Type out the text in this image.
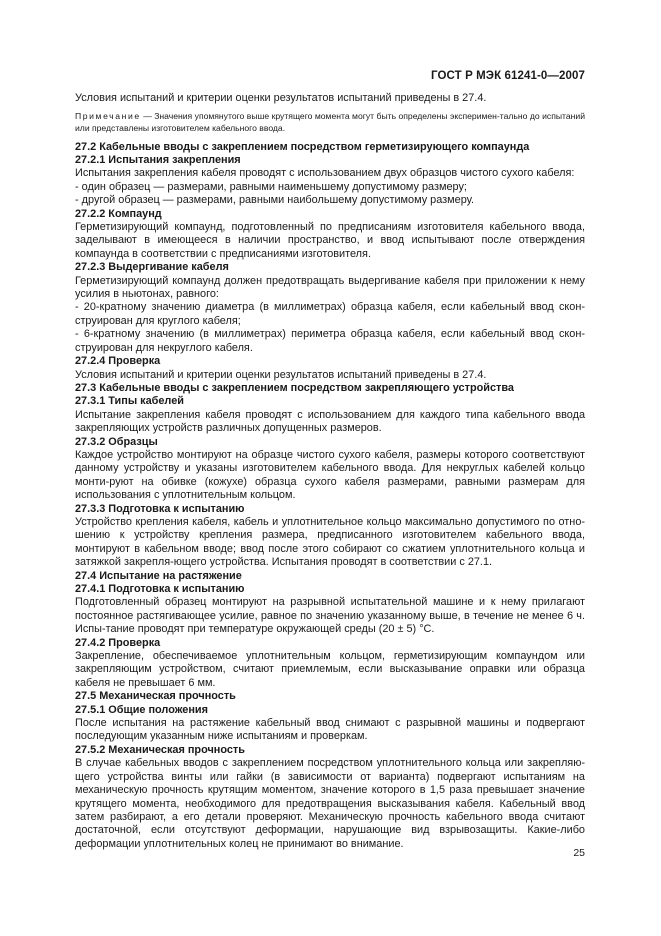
ГОСТ Р МЭК 61241-0—2007

Условия испытаний и критерии оценки результатов испытаний приведены в 27.4.

Примечание — Значения упомянутого выше крутящего момента могут быть определены эксперимен-тально до испытаний или представлены изготовителем кабельного ввода.

27.2 Кабельные вводы с закреплением посредством герметизирующего компаунда
27.2.1 Испытания закрепления

Испытания закрепления кабеля проводят с использованием двух образцов чистого сухого кабеля:

- один образец — размерами, равными наименьшему допустимому размеру;

- другой образец — размерами, равными наибольшему допустимому размеру.

27.2.2 Компаунд

Герметизирующий компаунд, подготовленный по предписаниям изготовителя кабельного ввода, заделывают в имеющееся в наличии пространство, и ввод испытывают после отверждения компаунда в соответствии с предписаниями изготовителя.

27.2.3 Выдергивание кабеля

Герметизирующий компаунд должен предотвращать выдергивание кабеля при приложении к нему усилия в ньютонах, равного:

- 20-кратному значению диаметра (в миллиметрах) образца кабеля, если кабельный ввод скон-струирован для круглого кабеля;

- 6-кратному значению (в миллиметрах) периметра образца кабеля, если кабельный ввод скон-струирован для некруглого кабеля.

27.2.4 Проверка

Условия испытаний и критерии оценки результатов испытаний приведены в 27.4.

27.3 Кабельные вводы с закреплением посредством закрепляющего устройства
27.3.1 Типы кабелей

Испытание закрепления кабеля проводят с использованием для каждого типа кабельного ввода закрепляющих устройств различных допущенных размеров.

27.3.2 Образцы

Каждое устройство монтируют на образце чистого сухого кабеля, размеры которого соответствуют данному устройству и указаны изготовителем кабельного ввода. Для некруглых кабелей кольцо монти-руют на обивке (кожухе) образца сухого кабеля размерами, равными размерам для использования с уплотнительным кольцом.

27.3.3 Подготовка к испытанию

Устройство крепления кабеля, кабель и уплотнительное кольцо максимально допустимого по отно-шению к устройству крепления размера, предписанного изготовителем кабельного ввода, монтируют в кабельном вводе; ввод после этого собирают со сжатием уплотнительного кольца и затяжкой закрепля-ющего устройства. Испытания проводят в соответствии с 27.1.

27.4 Испытание на растяжение
27.4.1 Подготовка к испытанию

Подготовленный образец монтируют на разрывной испытательной машине и к нему прилагают постоянное растягивающее усилие, равное по значению указанному выше, в течение не менее 6 ч. Испы-тание проводят при температуре окружающей среды (20 ± 5) °С.

27.4.2 Проверка

Закрепление, обеспечиваемое уплотнительным кольцом, герметизирующим компаундом или закрепляющим устройством, считают приемлемым, если высказывание оправки или образца кабеля не превышает 6 мм.

27.5 Механическая прочность
27.5.1 Общие положения

После испытания на растяжение кабельный ввод снимают с разрывной машины и подвергают последующим указанным ниже испытаниям и проверкам.

27.5.2 Механическая прочность

В случае кабельных вводов с закреплением посредством уплотнительного кольца или закрепляю-щего устройства винты или гайки (в зависимости от варианта) подвергают испытаниям на механическую прочность крутящим моментом, значение которого в 1,5 раза превышает значение крутящего момента, необходимого для предотвращения высказывания кабеля. Кабельный ввод затем разбирают, а его детали проверяют. Механическую прочность кабельного ввода считают достаточной, если отсутствуют деформации, нарушающие вид взрывозащиты. Какие-либо деформации уплотнительных колец не принимают во внимание.

25
